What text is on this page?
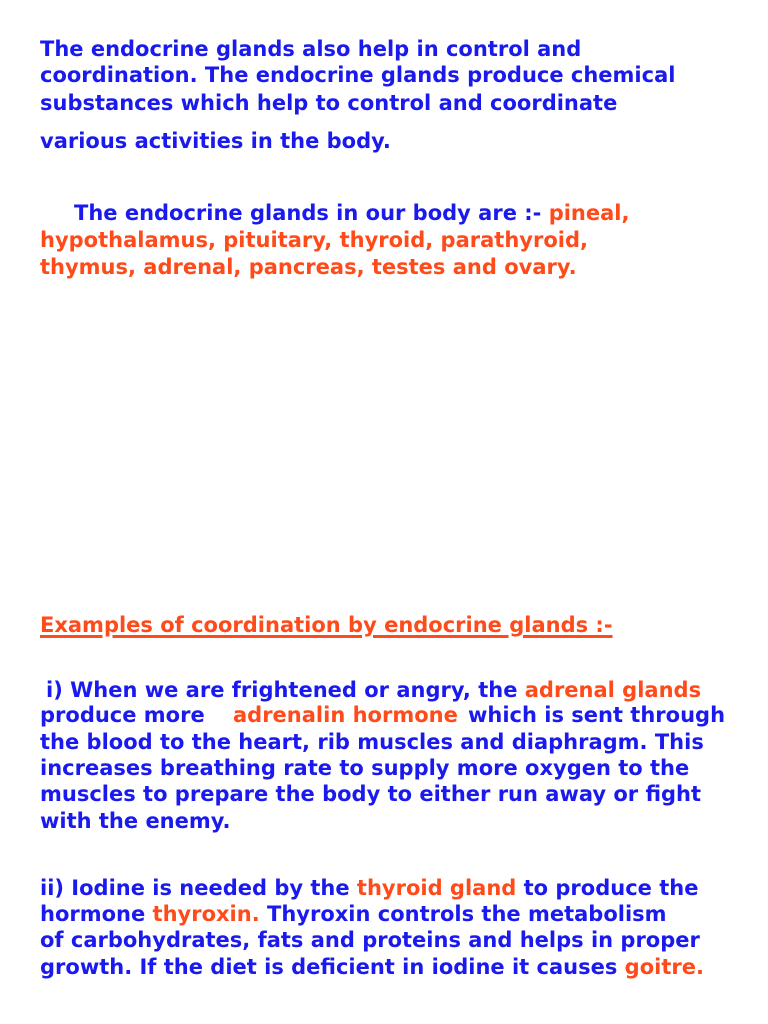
The endocrine glands also help in control and
coordination. The endocrine glands produce chemical
substances which help to control and coordinate
various activities in the body.
The endocrine glands in our body are :- pineal,
hypothalamus, pituitary, thyroid, parathyroid,
thymus, adrenal, pancreas, testes and ovary.
Examples of coordination by endocrine glands :-
i) When we are frightened or angry, the adrenal glands
produce more adrenalin hormone which is sent through
the blood to the heart, rib muscles and diaphragm. This
increases breathing rate to supply more oxygen to the
muscles to prepare the body to either run away or fight
with the enemy.
ii) Iodine is needed by the thyroid gland to produce the
hormone thyroxin. Thyroxin controls the metabolism
of carbohydrates, fats and proteins and helps in proper
growth. If the diet is deficient in iodine it causes goitre.
